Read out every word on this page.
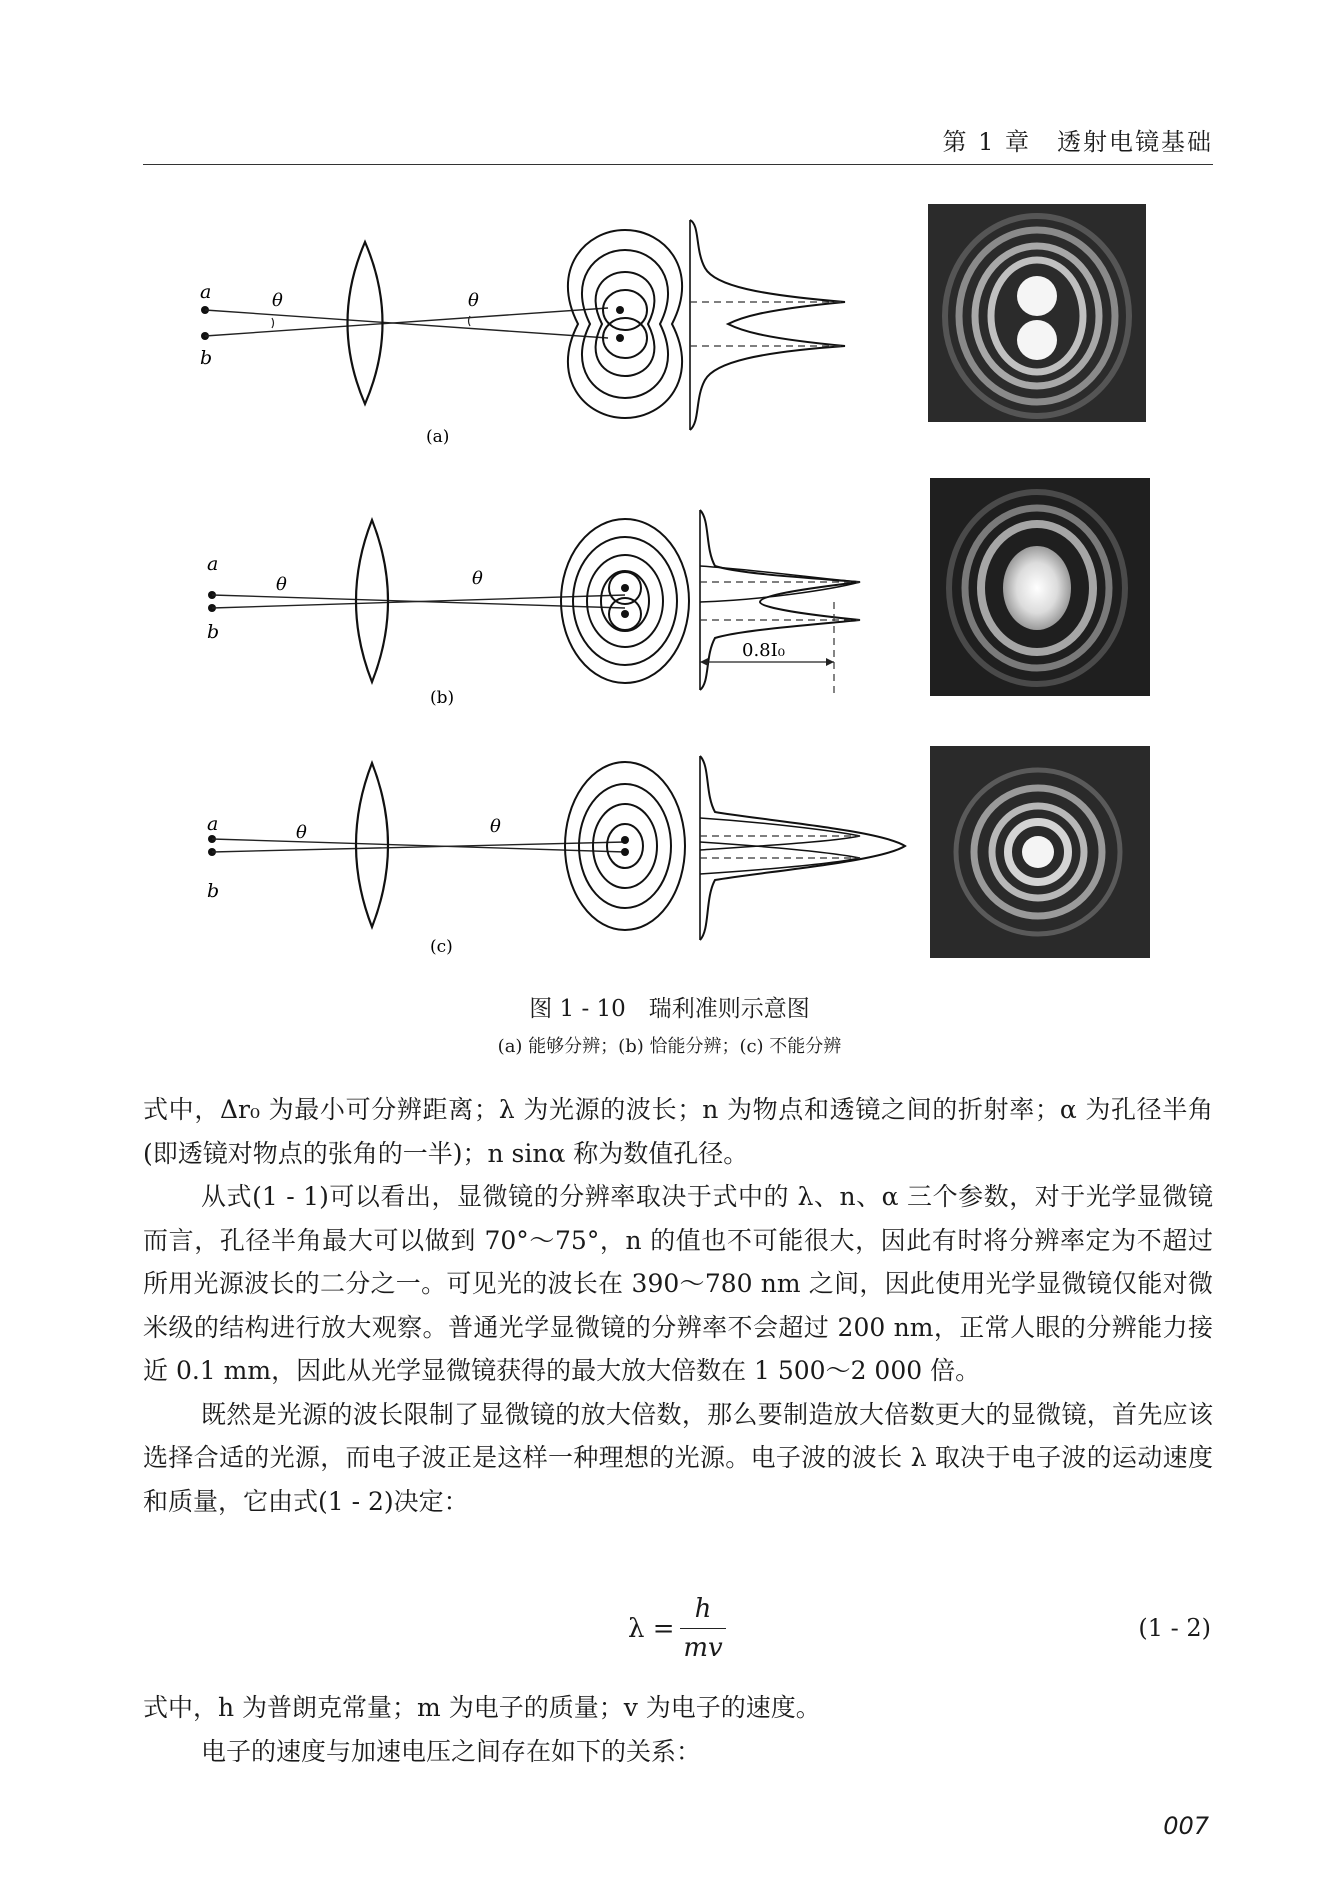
第 1 章　透射电镜基础
a
b
θ	θ
(a)
a
b
θ	θ
0.8I₀
(b)
a
b
θ	θ
(c)
图 1 - 10　瑞利准则示意图
(a) 能够分辨；(b) 恰能分辨；(c) 不能分辨

式中，Δr₀ 为最小可分辨距离；λ 为光源的波长；n 为物点和透镜之间的折射率；α 为孔径半角(即透镜对物点的张角的一半)；n sinα 称为数值孔径。

从式(1 - 1)可以看出，显微镜的分辨率取决于式中的 λ、n、α 三个参数，对于光学显微镜而言，孔径半角最大可以做到 70°～75°，n 的值也不可能很大，因此有时将分辨率定为不超过所用光源波长的二分之一。可见光的波长在 390～780 nm 之间，因此使用光学显微镜仅能对微米级的结构进行放大观察。普通光学显微镜的分辨率不会超过 200 nm，正常人眼的分辨能力接近 0.1 mm，因此从光学显微镜获得的最大放大倍数在 1 500～2 000 倍。

既然是光源的波长限制了显微镜的放大倍数，那么要制造放大倍数更大的显微镜，首先应该选择合适的光源，而电子波正是这样一种理想的光源。电子波的波长 λ 取决于电子波的运动速度和质量，它由式(1 - 2)决定：

λ =
h
mv
(1 - 2)

式中，h 为普朗克常量；m 为电子的质量；v 为电子的速度。

电子的速度与加速电压之间存在如下的关系：

007
